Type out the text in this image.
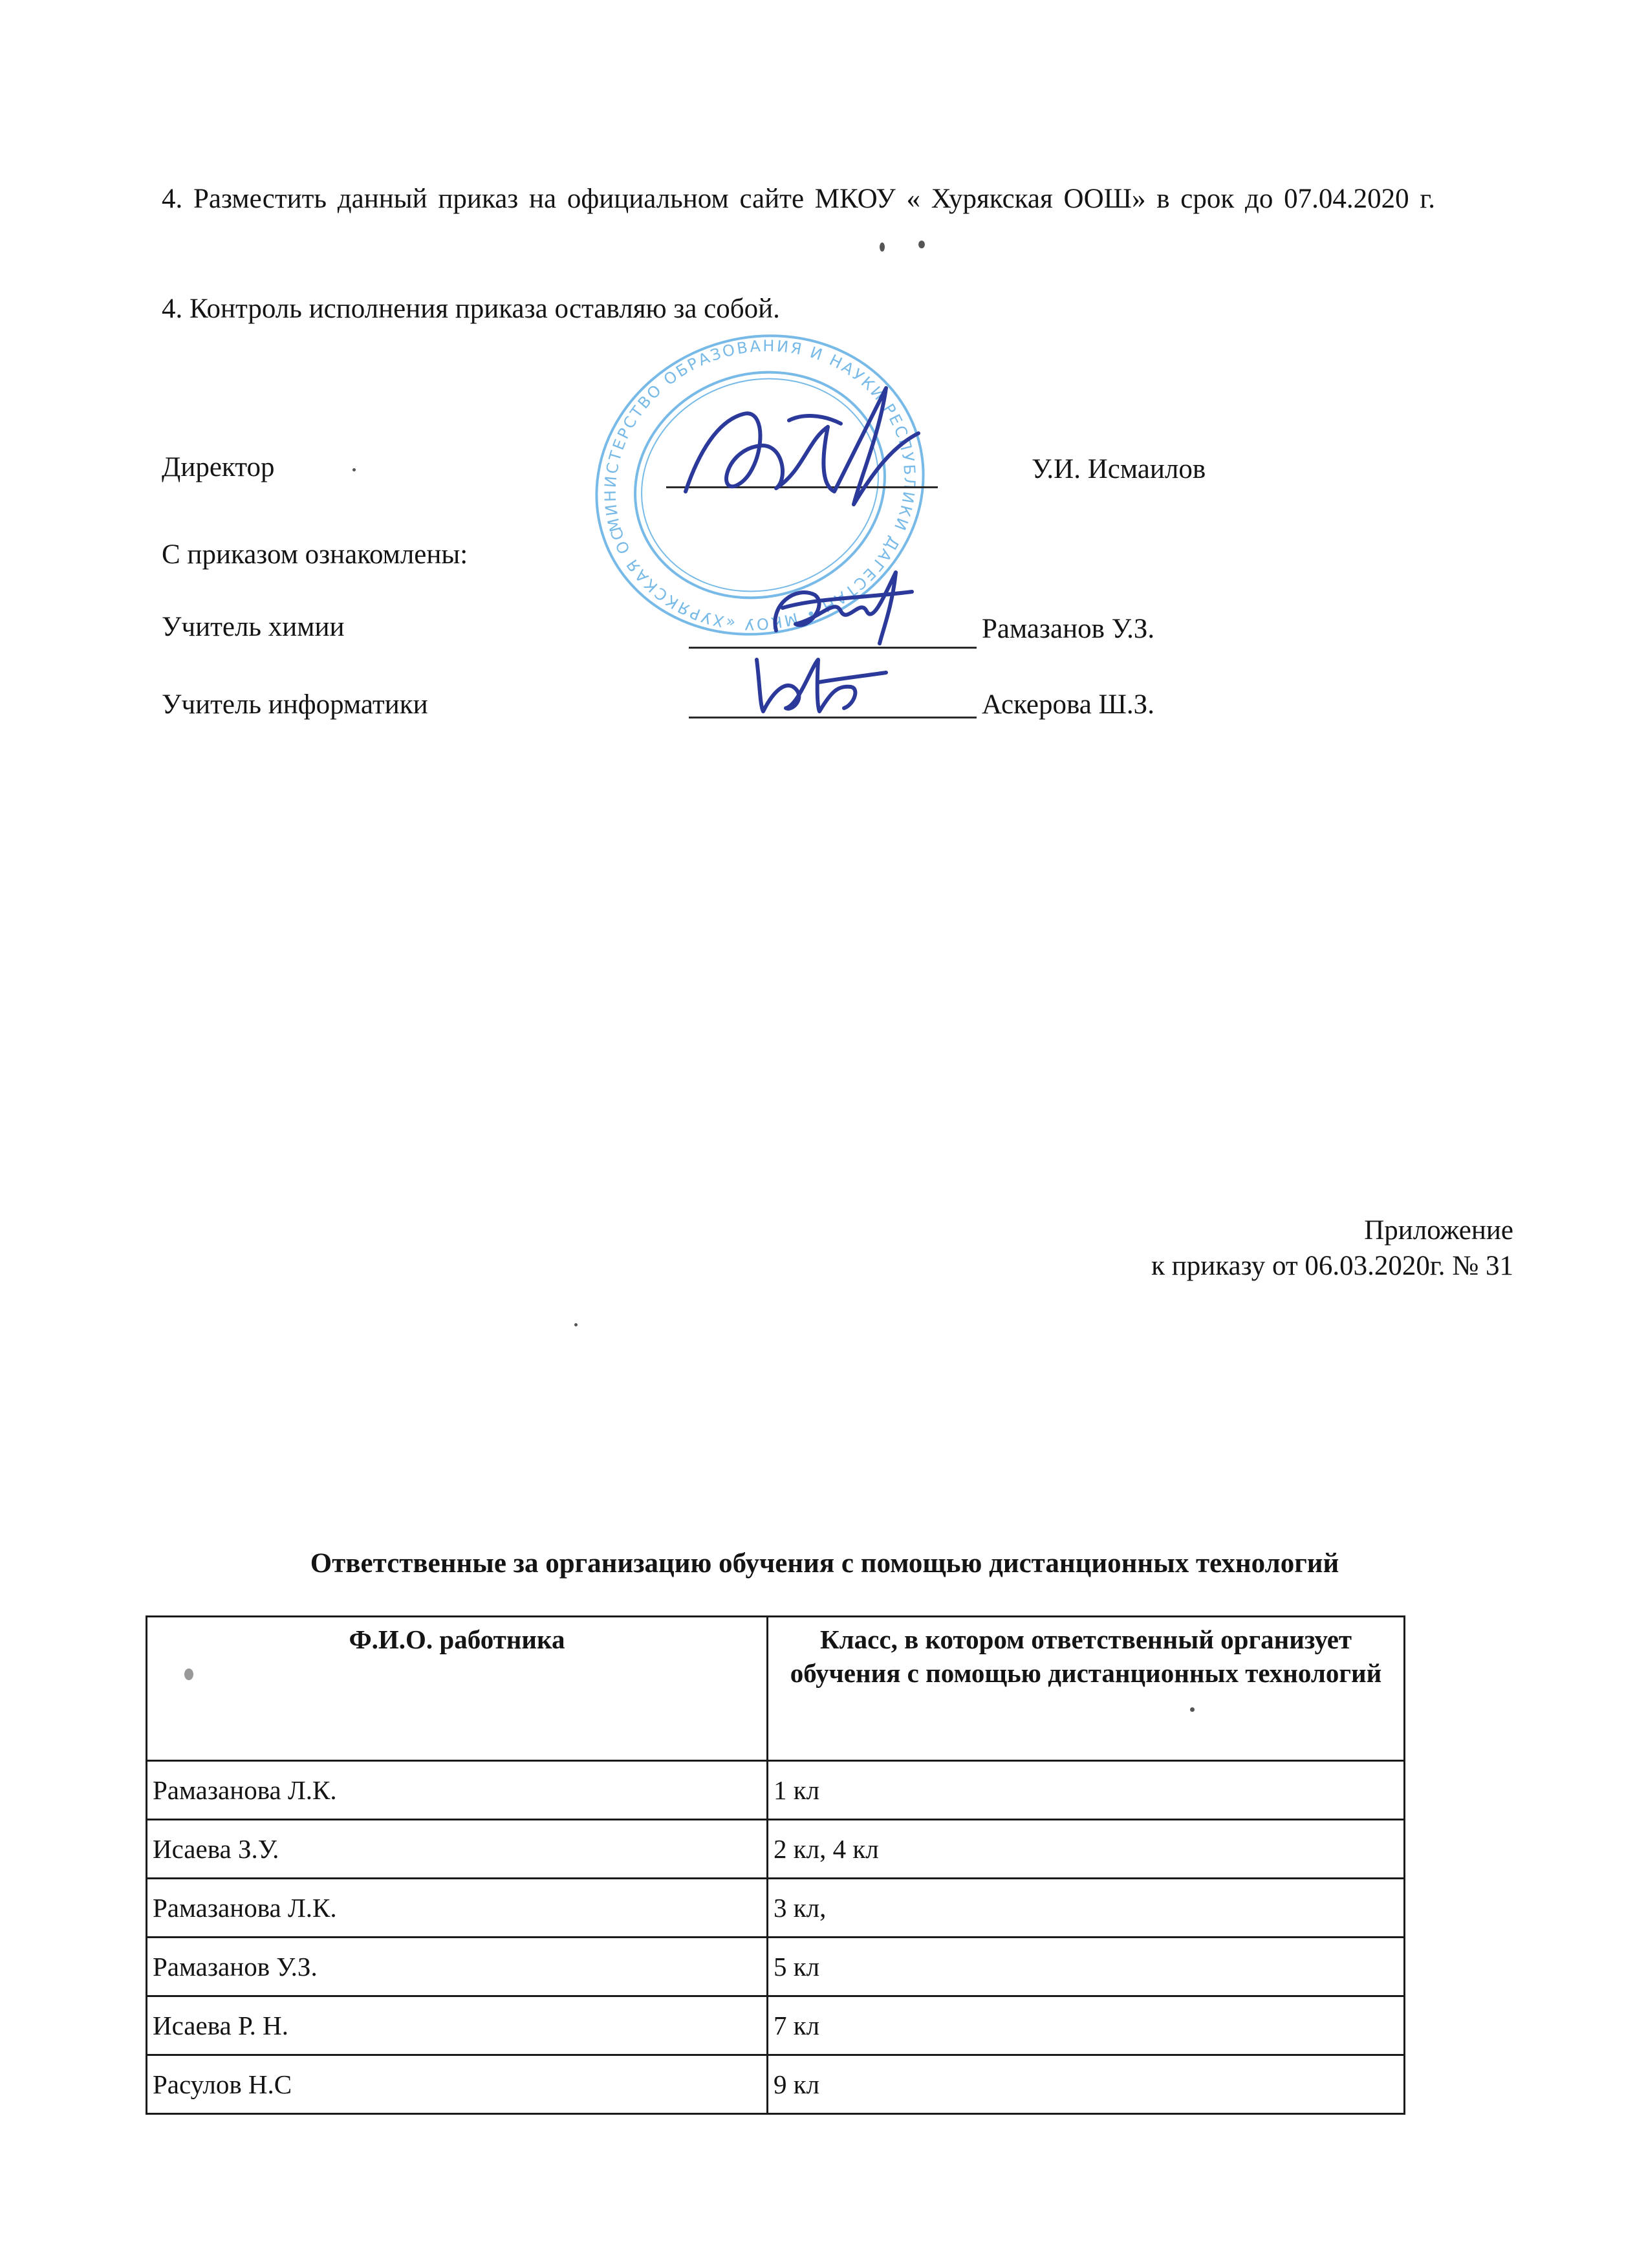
4. Разместить данный приказ на официальном сайте МКОУ « Хурякская ООШ» в срок до 07.04.2020 г.
4. Контроль исполнения приказа оставляю за собой.
МИНИСТЕРСТВО ОБРАЗОВАНИЯ И НАУКИ РЕСПУБЛИКИ ДАГЕСТАН • МКОУ «ХУРЯКСКАЯ ОСНОВНАЯ
Директор	У.И. Исмаилов
С приказом ознакомлены:
Учитель химии	Рамазанов У.З.
Учитель информатики	Аскерова Ш.З.
Приложение
к приказу от 06.03.2020г. № 31
Ответственные за организацию обучения с помощью дистанционных технологий
Ф.И.О. работника	Класс, в котором ответственный организует обучения с помощью дистанционных технологий
Рамазанова Л.К.	1 кл
Исаева З.У.	2 кл, 4 кл
Рамазанова Л.К.	3 кл,
Рамазанов У.З.	5 кл
Исаева Р. Н.	7 кл
Расулов Н.С	9 кл
